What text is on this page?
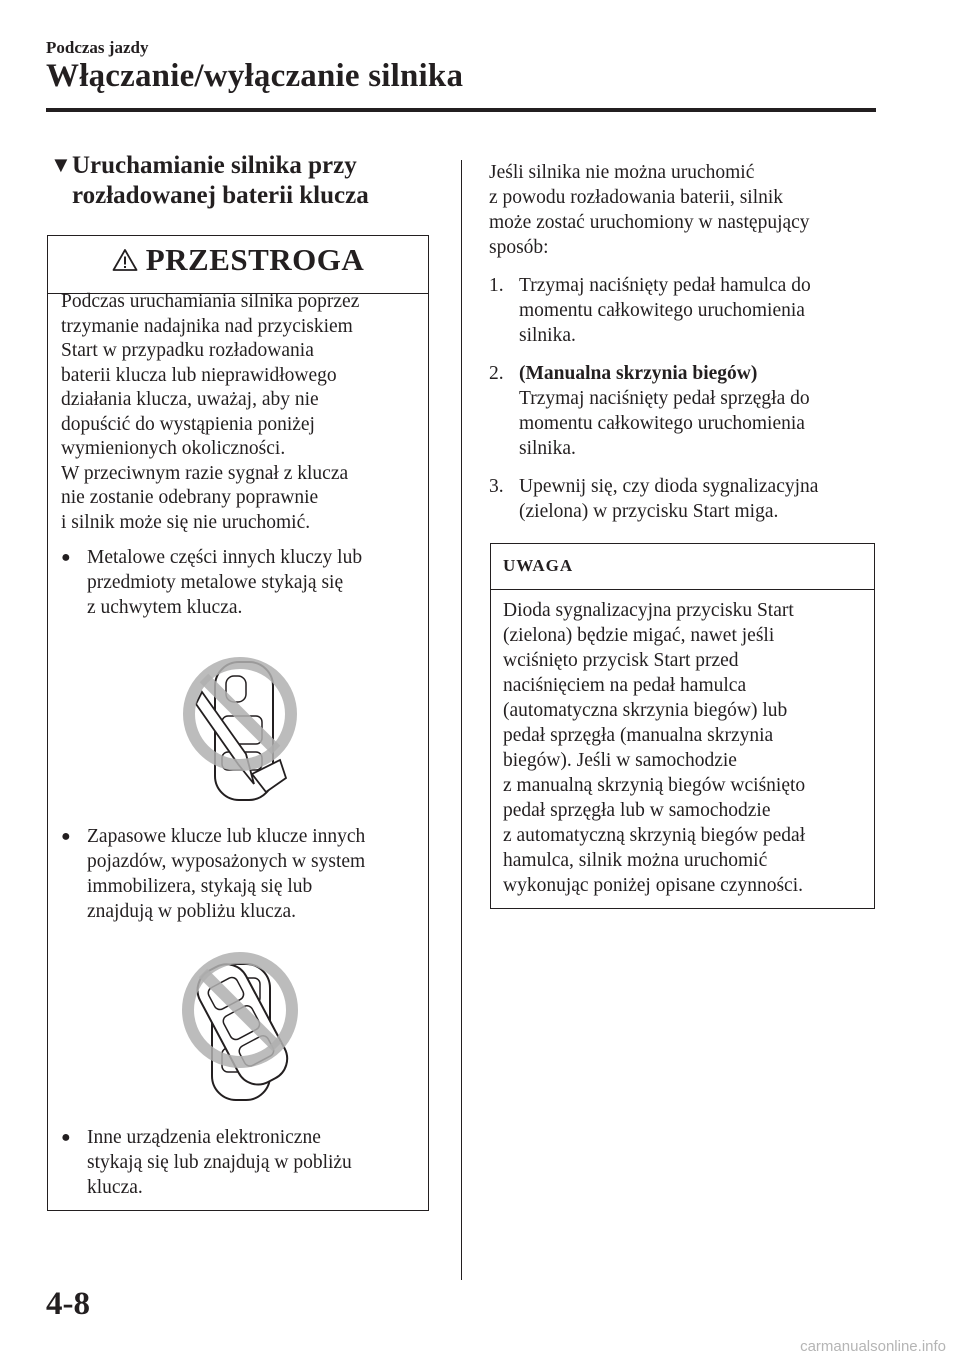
Podczas jazdy
Włączanie/wyłączanie silnika
▼Uruchamianie silnika przy
rozładowanej baterii klucza
PRZESTROGA
Podczas uruchamiania silnika poprzez
trzymanie nadajnika nad przyciskiem
Start w przypadku rozładowania
baterii klucza lub nieprawidłowego
działania klucza, uważaj, aby nie
dopuścić do wystąpienia poniżej
wymienionych okoliczności.
W przeciwnym razie sygnał z klucza
nie zostanie odebrany poprawnie
i silnik może się nie uruchomić.
● Metalowe części innych kluczy lub
przedmioty metalowe stykają się
z uchwytem klucza.
● Zapasowe klucze lub klucze innych
pojazdów, wyposażonych w system
immobilizera, stykają się lub
znajdują w pobliżu klucza.
● Inne urządzenia elektroniczne
stykają się lub znajdują w pobliżu
klucza.
Jeśli silnika nie można uruchomić
z powodu rozładowania baterii, silnik
może zostać uruchomiony w następujący
sposób:
1. Trzymaj naciśnięty pedał hamulca do
momentu całkowitego uruchomienia
silnika.
2. (Manualna skrzynia biegów)
Trzymaj naciśnięty pedał sprzęgła do
momentu całkowitego uruchomienia
silnika.
3. Upewnij się, czy dioda sygnalizacyjna
(zielona) w przycisku Start miga.
UWAGA
Dioda sygnalizacyjna przycisku Start
(zielona) będzie migać, nawet jeśli
wciśnięto przycisk Start przed
naciśnięciem na pedał hamulca
(automatyczna skrzynia biegów) lub
pedał sprzęgła (manualna skrzynia
biegów). Jeśli w samochodzie
z manualną skrzynią biegów wciśnięto
pedał sprzęgła lub w samochodzie
z automatyczną skrzynią biegów pedał
hamulca, silnik można uruchomić
wykonując poniżej opisane czynności.
4-8
carmanualsonline.info
